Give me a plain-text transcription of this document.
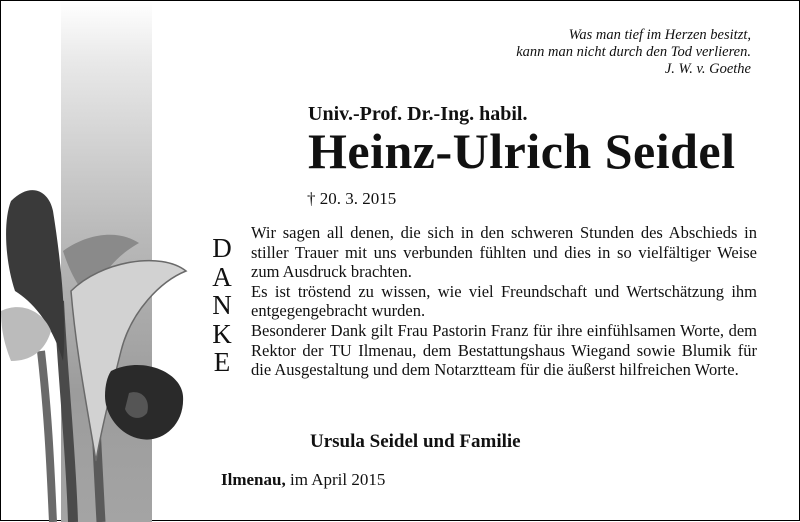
Was man tief im Herzen besitzt,
kann man nicht durch den Tod verlieren.
J. W. v. Goethe
Univ.-Prof. Dr.-Ing. habil.
Heinz-Ulrich Seidel
† 20. 3. 2015
D
A
N
K
E

Wir sagen all denen, die sich in den schweren Stunden des Abschieds in stiller Trauer mit uns verbunden fühlten und dies in so vielfältiger Weise zum Ausdruck brachten.

Es ist tröstend zu wissen, wie viel Freundschaft und Wertschätzung ihm entgegengebracht wurden.

Besonderer Dank gilt Frau Pastorin Franz für ihre einfühlsamen Worte, dem Rektor der TU Ilmenau, dem Bestattungshaus Wiegand sowie Blumik für die Ausgestaltung und dem Notarztteam für die äußerst hilfreichen Worte.

Ursula Seidel und Familie
Ilmenau, im April 2015
